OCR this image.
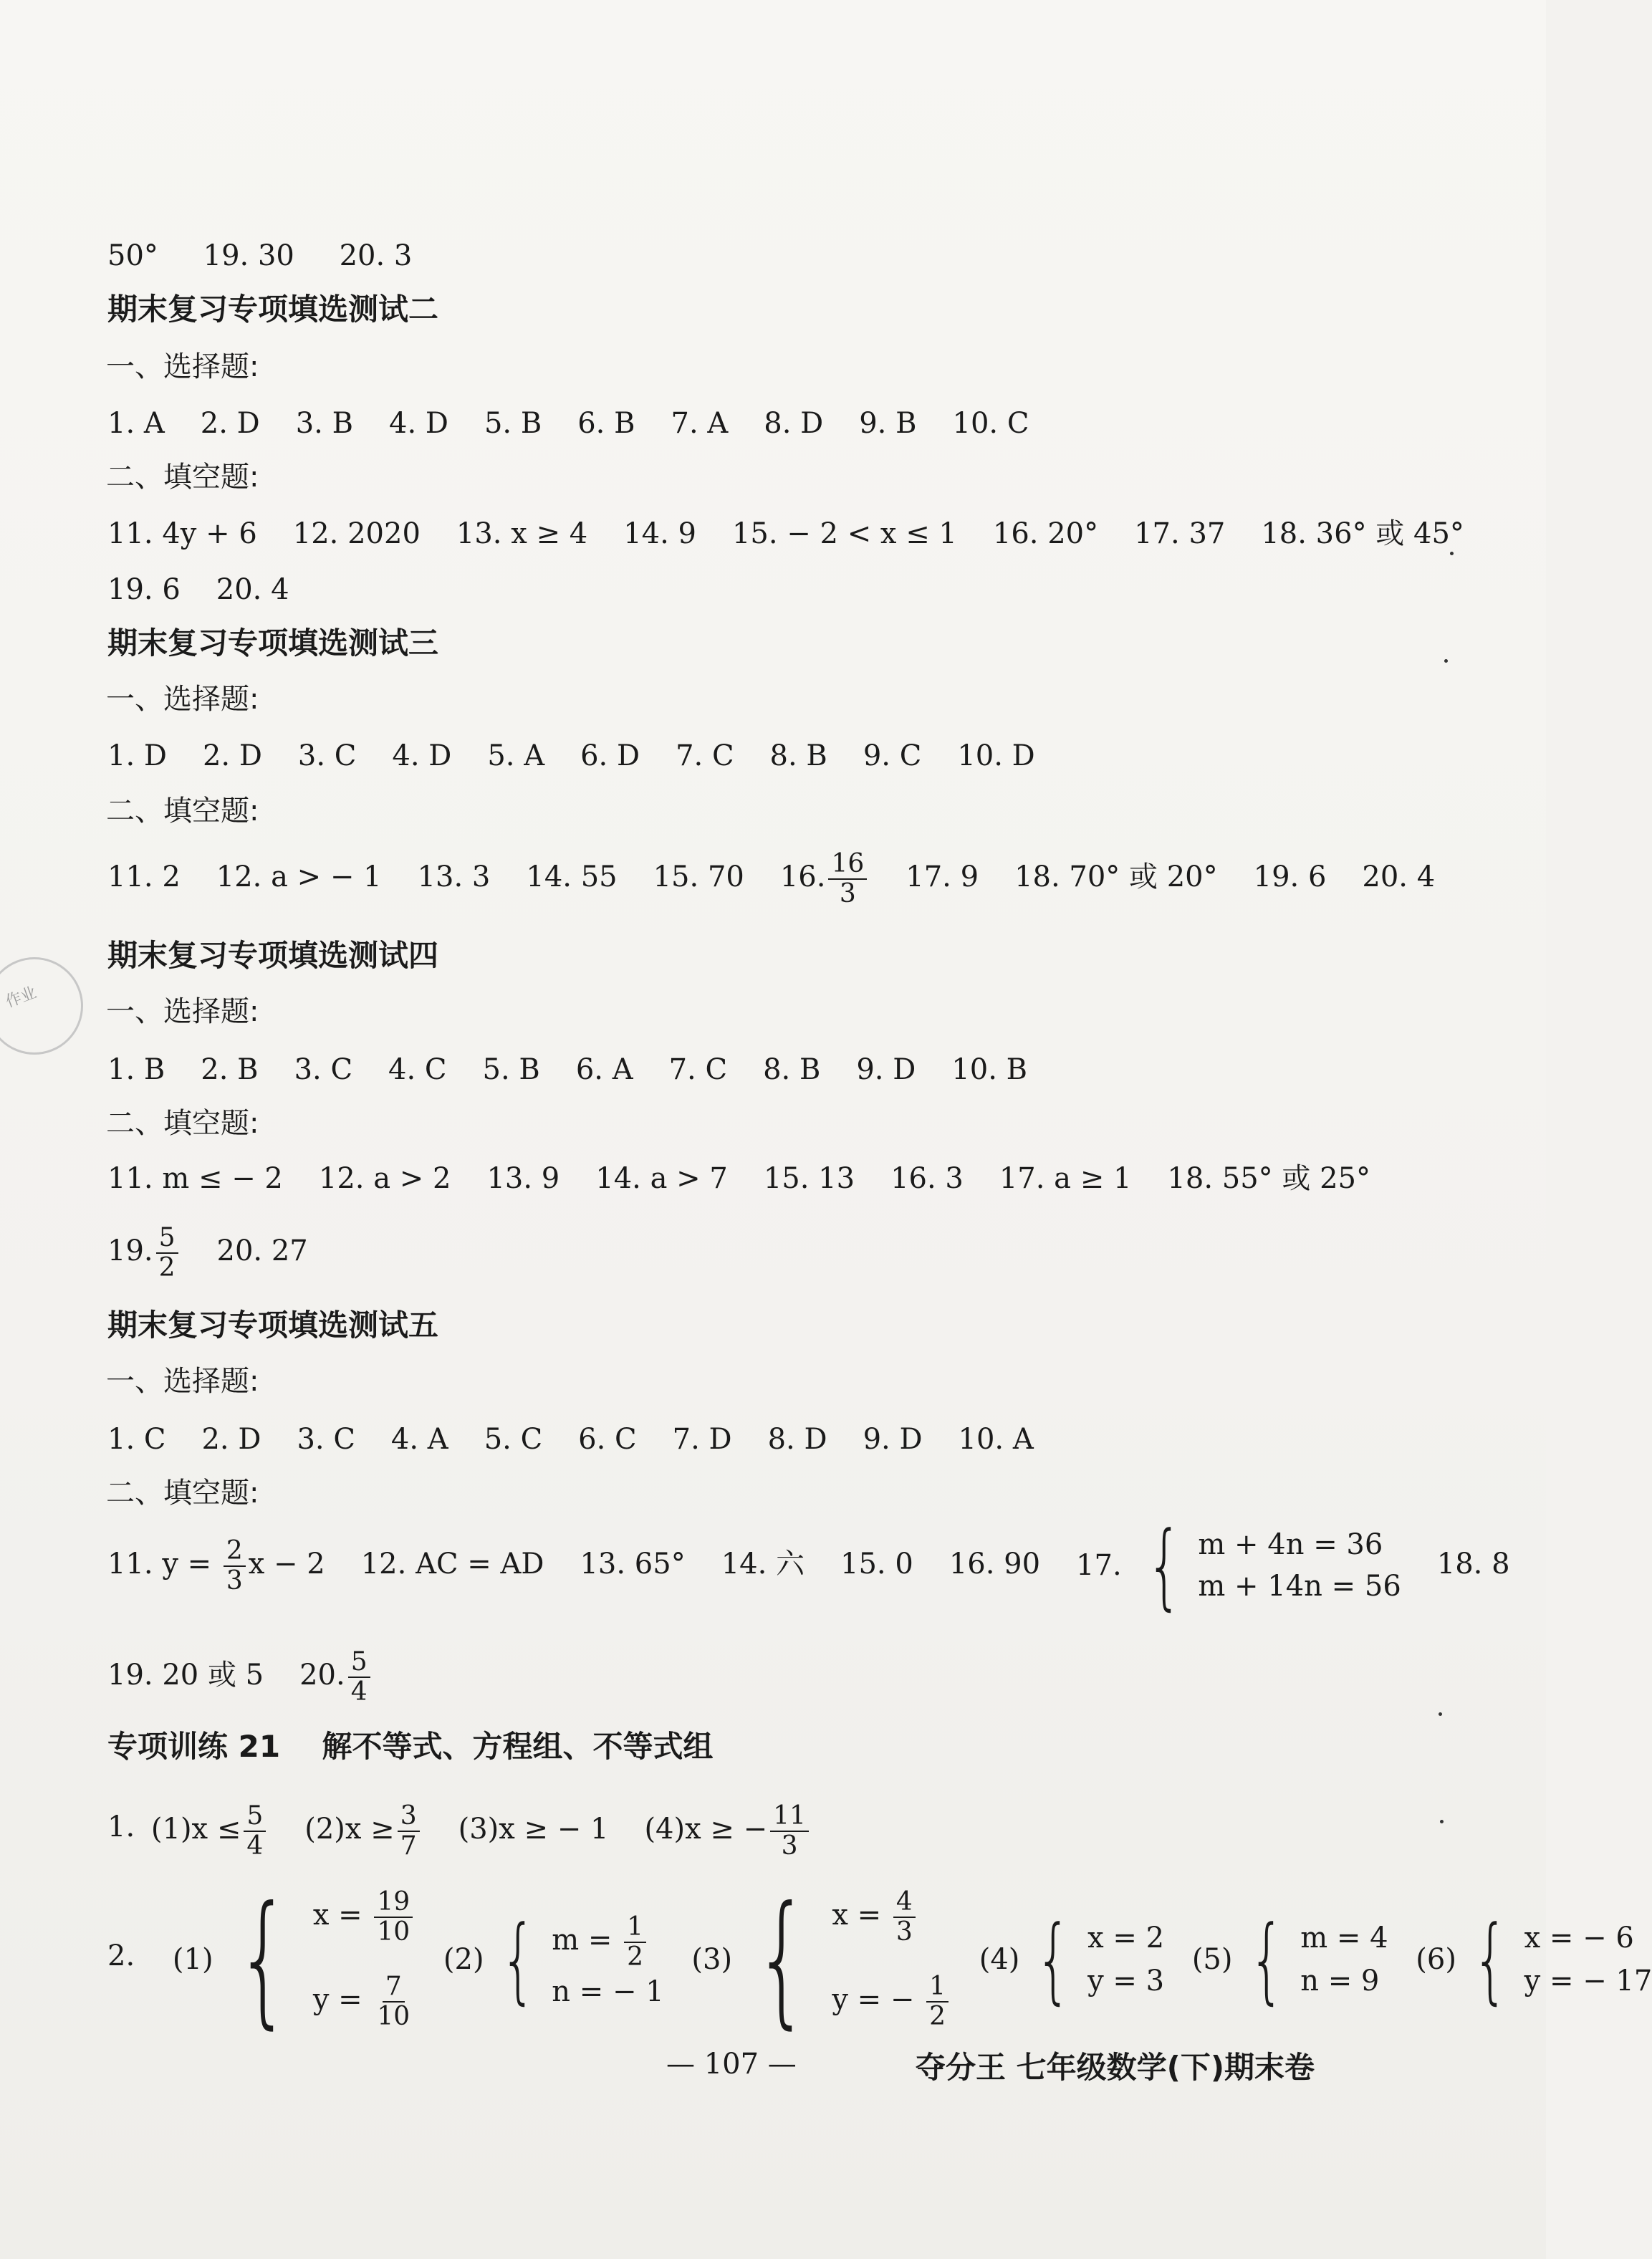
50° 19. 30 20. 3
期末复习专项填选测试二
一、选择题:
1. A 2. D 3. B 4. D 5. B 6. B 7. A 8. D 9. B 10. C
二、填空题:
11. 4y + 6 12. 2020 13. x ≥ 4 14. 9 15. − 2 < x ≤ 1 16. 20° 17. 37 18. 36° 或 45°
19. 6 20. 4
期末复习专项填选测试三
一、选择题:
1. D 2. D 3. C 4. D 5. A 6. D 7. C 8. B 9. C 10. D
二、填空题:
11. 2 12. a > − 1 13. 3 14. 55 15. 70 16. $\frac{16}{3} 17$. 9 18. 70° 或 20° 19. 6 20. 4
期末复习专项填选测试四
一、选择题:
1. B 2. B 3. C 4. C 5. B 6. A 7. C 8. B 9. D 10. B
二、填空题:
11. m ≤ − 2 12. a > 2 13. 9 14. a > 7 15. 13 16. 3 17. a ≥ 1 18. 55° 或 25°
19. $\frac{5}{2} 20$. 27
期末复习专项填选测试五
一、选择题:
1. C 2. D 3. C 4. A 5. C 6. C 7. D 8. D 9. D 10. A
二、填空题:
11. $y = \frac{2}{3}$ x − 2 12. AC = AD 13. 65° 14. 六 15. 0 16. 90 17. { m + 4n = 36
m + 14n = 56
18. 8
19. 20 或 5 20. $\frac{5}{4}$
专项训练 21    解不等式、方程组、不等式组
1. $(1)x \le \frac{5}{4} (2)x \ge \frac{3}{7} (3)x$ ≥ − 1 (4)x ≥ − $\frac{11}{3}$
2. (1) { $x = \frac{19}{10}$
$y = \frac{7}{10}$

(2) { $m = \frac{1}{2}$
n = − 1

(3) { $x = \frac{4}{3}$
y = − $\frac{1}{2}$

(4) { x = 2
y = 3

(5) { m = 4
n = 9

(6) { x = − 6
y = − 17
— 107 —	夺分王 七年级数学(下)期末卷
作业
